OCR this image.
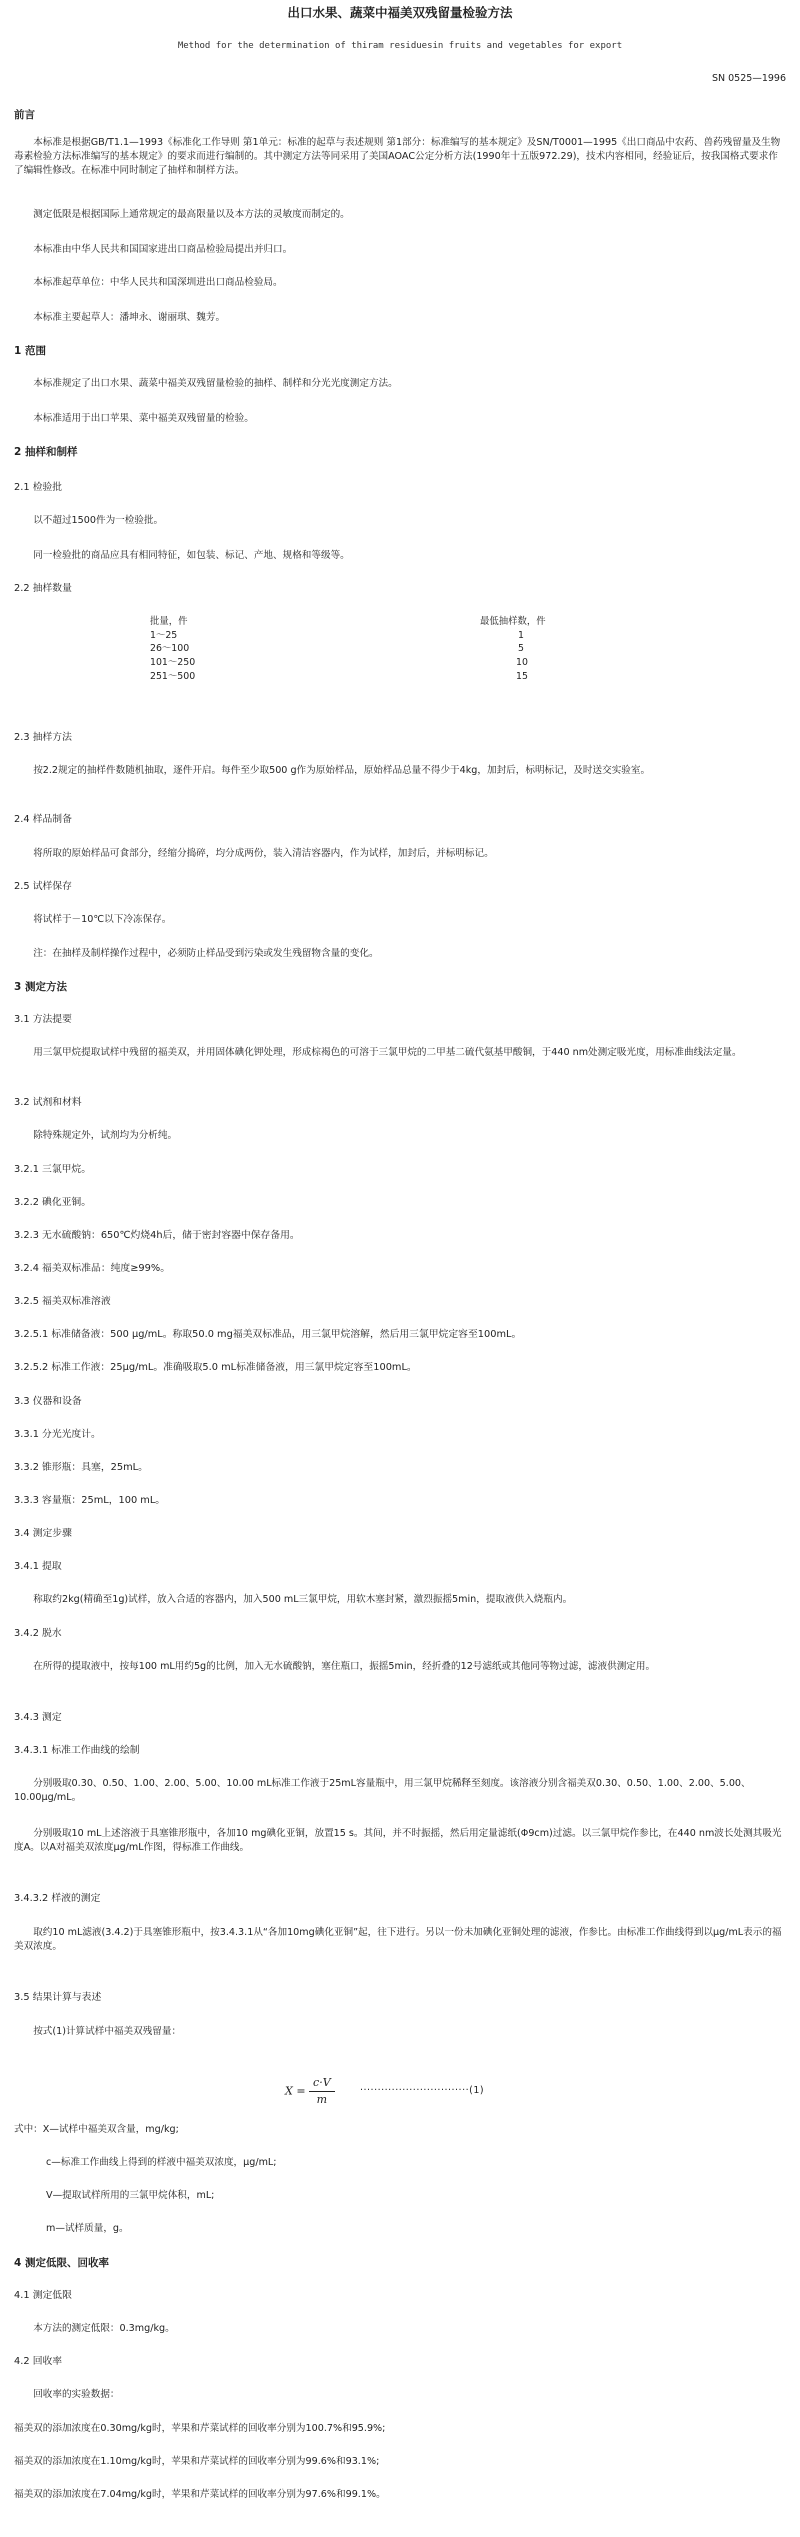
出口水果、蔬菜中福美双残留量检验方法
Method for the determination of thiram residuesin fruits and vegetables for export
SN 0525—1996
前言
本标准是根据GB/T1.1—1993《标准化工作导则 第1单元：标准的起草与表述规则 第1部分：标准编写的基本规定》及SN/T0001—1995《出口商品中农药、兽药残留量及生物毒素检验方法标准编写的基本规定》的要求而进行编制的。其中测定方法等同采用了美国AOAC公定分析方法(1990年十五版972.29)，技术内容相同，经验证后，按我国格式要求作了编辑性修改。在标准中同时制定了抽样和制样方法。
测定低限是根据国际上通常规定的最高限量以及本方法的灵敏度而制定的。
本标准由中华人民共和国国家进出口商品检验局提出并归口。
本标准起草单位：中华人民共和国深圳进出口商品检验局。
本标准主要起草人：潘坤永、谢丽琪、魏芳。
1 范围
本标准规定了出口水果、蔬菜中福美双残留量检验的抽样、制样和分光光度测定方法。
本标准适用于出口苹果、菜中福美双残留量的检验。
2 抽样和制样
2.1 检验批
以不超过1500件为一检验批。
同一检验批的商品应具有相同特征，如包装、标记、产地、规格和等级等。
2.2 抽样数量
批量，件	最低抽样数，件
1～25	1
26～100	5
101～250	10
251～500	15
2.3 抽样方法
按2.2规定的抽样件数随机抽取，逐件开启。每件至少取500 g作为原始样品，原始样品总量不得少于4kg，加封后，标明标记，及时送交实验室。
2.4 样品制备
将所取的原始样品可食部分，经缩分捣碎，均分成两份，装入清洁容器内，作为试样，加封后，并标明标记。
2.5 试样保存
将试样于－10℃以下冷冻保存。
注：在抽样及制样操作过程中，必须防止样品受到污染或发生残留物含量的变化。
3 测定方法
3.1 方法提要
用三氯甲烷提取试样中残留的福美双，并用固体碘化钾处理，形成棕褐色的可溶于三氯甲烷的二甲基二硫代氨基甲酸铜，于440 nm处测定吸光度，用标准曲线法定量。
3.2 试剂和材料
除特殊规定外，试剂均为分析纯。
3.2.1 三氯甲烷。
3.2.2 碘化亚铜。
3.2.3 无水硫酸钠：650℃灼烧4h后，储于密封容器中保存备用。
3.2.4 福美双标准品：纯度≥99%。
3.2.5 福美双标准溶液
3.2.5.1 标准储备液：500 μg/mL。称取50.0 mg福美双标准品，用三氯甲烷溶解，然后用三氯甲烷定容至100mL。
3.2.5.2 标准工作液：25μg/mL。准确吸取5.0 mL标准储备液，用三氯甲烷定容至100mL。
3.3 仪器和设备
3.3.1 分光光度计。
3.3.2 锥形瓶：具塞，25mL。
3.3.3 容量瓶：25mL，100 mL。
3.4 测定步骤
3.4.1 提取
称取约2kg(精确至1g)试样，放入合适的容器内，加入500 mL三氯甲烷，用软木塞封紧，激烈振摇5min，提取液供入烧瓶内。
3.4.2 脱水
在所得的提取液中，按每100 mL用约5g的比例，加入无水硫酸钠，塞住瓶口，振摇5min，经折叠的12号滤纸或其他同等物过滤，滤液供测定用。
3.4.3 测定
3.4.3.1 标准工作曲线的绘制
分别吸取0.30、0.50、1.00、2.00、5.00、10.00 mL标准工作液于25mL容量瓶中，用三氯甲烷稀释至刻度。该溶液分别含福美双0.30、0.50、1.00、2.00、5.00、10.00μg/mL。
分别吸取10 mL上述溶液于具塞锥形瓶中，各加10 mg碘化亚铜，放置15 s。其间，并不时振摇，然后用定量滤纸(Φ9cm)过滤。以三氯甲烷作参比，在440 nm波长处测其吸光度A。以A对福美双浓度μg/mL作图，得标准工作曲线。
3.4.3.2 样液的测定
取约10 mL滤液(3.4.2)于具塞锥形瓶中，按3.4.3.1从“各加10mg碘化亚铜”起，往下进行。另以一份未加碘化亚铜处理的滤液，作参比。由标准工作曲线得到以μg/mL表示的福美双浓度。
3.5 结果计算与表述
按式(1)计算试样中福美双残留量：
$X = \frac{c\cdot V}{m}$	·······························(1)
式中：X—试样中福美双含量，mg/kg;
c—标准工作曲线上得到的样液中福美双浓度，μg/mL;
V—提取试样所用的三氯甲烷体积，mL;
m—试样质量，g。
4 测定低限、回收率
4.1 测定低限
本方法的测定低限：0.3mg/kg。
4.2 回收率
回收率的实验数据：
福美双的添加浓度在0.30mg/kg时，苹果和芹菜试样的回收率分别为100.7%和95.9%;
福美双的添加浓度在1.10mg/kg时，苹果和芹菜试样的回收率分别为99.6%和93.1%;
福美双的添加浓度在7.04mg/kg时，苹果和芹菜试样的回收率分别为97.6%和99.1%。
